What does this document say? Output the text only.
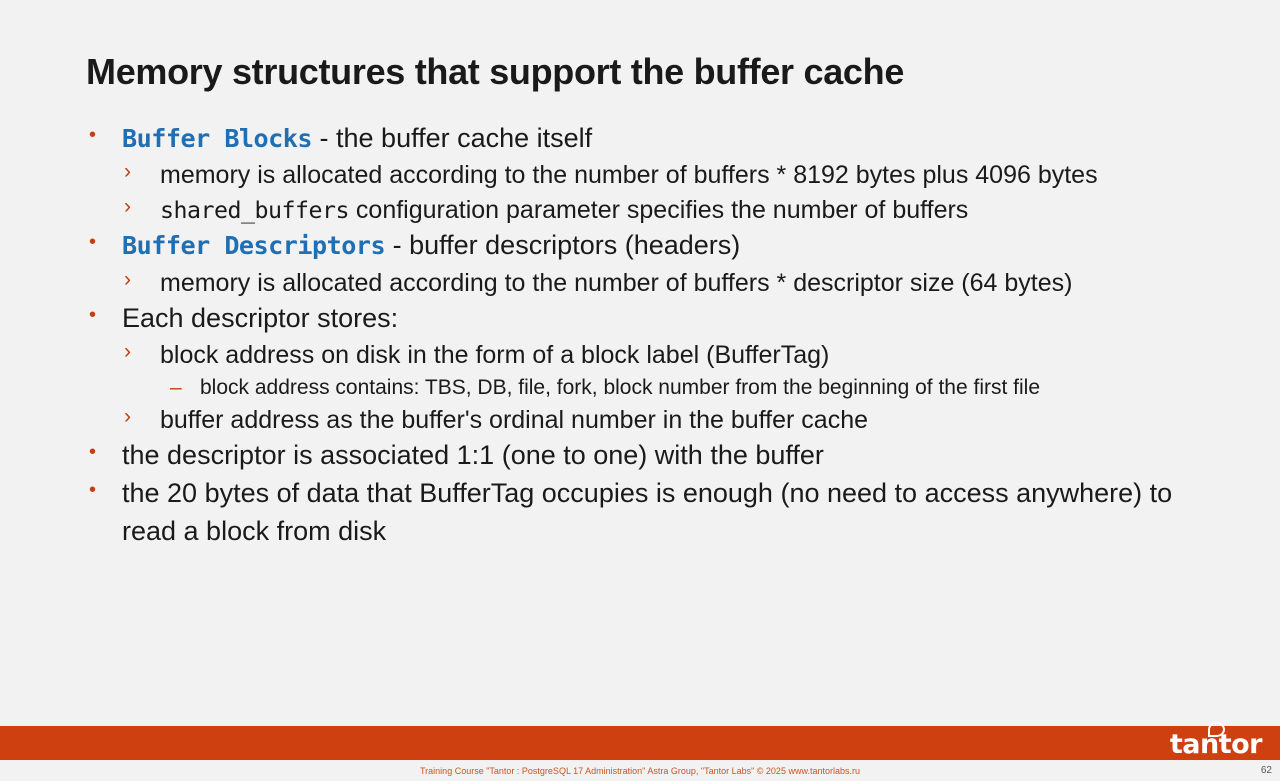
Memory structures that support the buffer cache
• Buffer Blocks - the buffer cache itself
› memory is allocated according to the number of buffers * 8192 bytes plus 4096 bytes
› shared_buffers configuration parameter specifies the number of buffers
• Buffer Descriptors - buffer descriptors (headers)
› memory is allocated according to the number of buffers * descriptor size (64 bytes)
• Each descriptor stores:
› block address on disk in the form of a block label (BufferTag)
– block address contains: TBS, DB, file, fork, block number from the beginning of the first file
› buffer address as the buffer's ordinal number in the buffer cache
• the descriptor is associated 1:1 (one to one) with the buffer
• the 20 bytes of data that BufferTag occupies is enough (no need to access anywhere) to read a block from disk
tantor
Training Course "Tantor : PostgreSQL 17 Administration" Astra Group, "Tantor Labs" © 2025 www.tantorlabs.ru	62
